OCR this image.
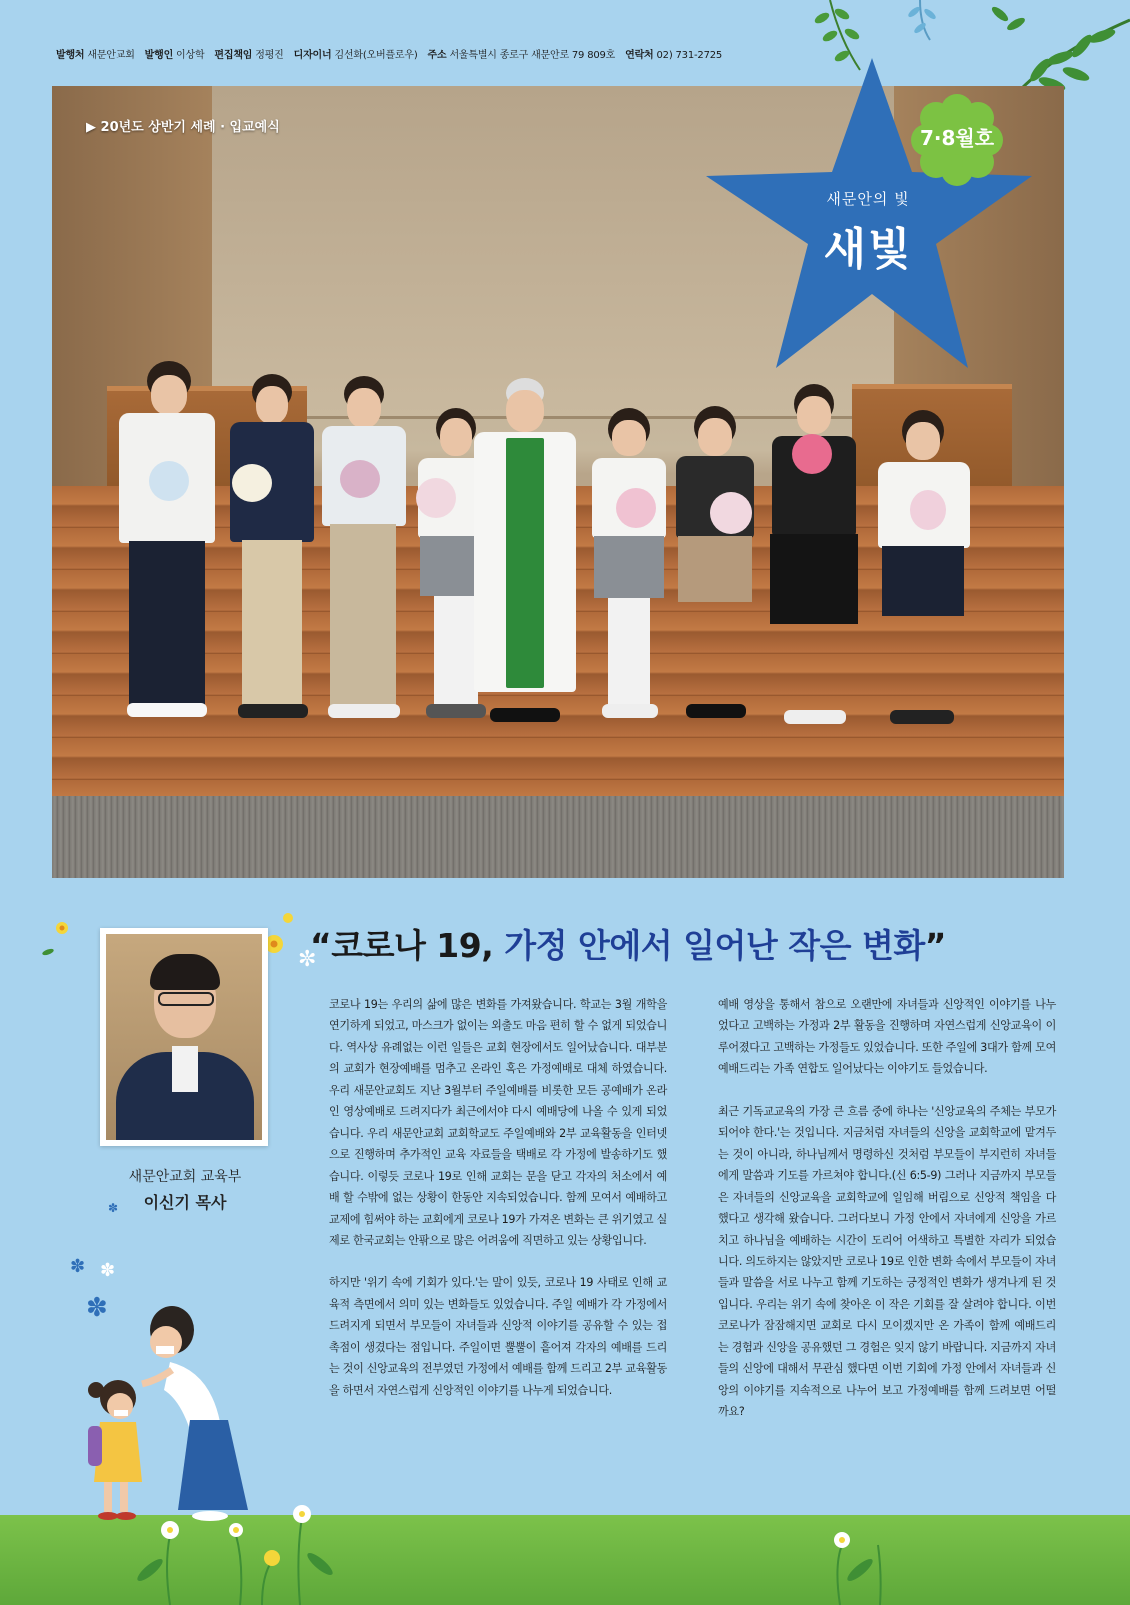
발행처 새문안교회 발행인 이상학 편집책임 정평진 디자이너 김선화(오버플로우) 주소 서울특별시 종로구 새문안로 79 809호 연락처 02) 731-2725
▶ 20년도 상반기 세례 · 입교예식	7·8월호
새문안의 빛
새빛
“코로나 19, 가정 안에서 일어난 작은 변화”
✼
✽
✽ ✽
✽
새문안교회 교육부
이신기 목사

코로나 19는 우리의 삶에 많은 변화를 가져왔습니다. 학교는 3월 개학을 연기하게 되었고, 마스크가 없이는 외출도 마음 편히 할 수 없게 되었습니다. 역사상 유례없는 이런 일들은 교회 현장에서도 일어났습니다. 대부분의 교회가 현장예배를 멈추고 온라인 혹은 가정예배로 대체 하였습니다. 우리 새문안교회도 지난 3월부터 주일예배를 비롯한 모든 공예배가 온라인 영상예배로 드려지다가 최근에서야 다시 예배당에 나올 수 있게 되었습니다. 우리 새문안교회 교회학교도 주일예배와 2부 교육활동을 인터넷으로 진행하며 추가적인 교육 자료들을 택배로 각 가정에 발송하기도 했습니다. 이렇듯 코로나 19로 인해 교회는 문을 닫고 각자의 처소에서 예배 할 수밖에 없는 상황이 한동안 지속되었습니다. 함께 모여서 예배하고 교제에 힘써야 하는 교회에게 코로나 19가 가져온 변화는 큰 위기였고 실제로 한국교회는 안팎으로 많은 어려움에 직면하고 있는 상황입니다.

하지만 '위기 속에 기회가 있다.'는 말이 있듯, 코로나 19 사태로 인해 교육적 측면에서 의미 있는 변화들도 있었습니다. 주일 예배가 각 가정에서 드려지게 되면서 부모들이 자녀들과 신앙적 이야기를 공유할 수 있는 접촉점이 생겼다는 점입니다. 주일이면 뿔뿔이 흩어져 각자의 예배를 드리는 것이 신앙교육의 전부였던 가정에서 예배를 함께 드리고 2부 교육활동을 하면서 자연스럽게 신앙적인 이야기를 나누게 되었습니다.

예배 영상을 통해서 참으로 오랜만에 자녀들과 신앙적인 이야기를 나누었다고 고백하는 가정과 2부 활동을 진행하며 자연스럽게 신앙교육이 이루어졌다고 고백하는 가정들도 있었습니다. 또한 주일에 3대가 함께 모여 예배드리는 가족 연합도 일어났다는 이야기도 들었습니다.

최근 기독교교육의 가장 큰 흐름 중에 하나는 '신앙교육의 주체는 부모가 되어야 한다.'는 것입니다. 지금처럼 자녀들의 신앙을 교회학교에 맡겨두는 것이 아니라, 하나님께서 명령하신 것처럼 부모들이 부지런히 자녀들에게 말씀과 기도를 가르쳐야 합니다.(신 6:5-9) 그러나 지금까지 부모들은 자녀들의 신앙교육을 교회학교에 일임해 버림으로 신앙적 책임을 다했다고 생각해 왔습니다. 그러다보니 가정 안에서 자녀에게 신앙을 가르치고 하나님을 예배하는 시간이 도리어 어색하고 특별한 자리가 되었습니다. 의도하지는 않았지만 코로나 19로 인한 변화 속에서 부모들이 자녀들과 말씀을 서로 나누고 함께 기도하는 긍정적인 변화가 생겨나게 된 것입니다. 우리는 위기 속에 찾아온 이 작은 기회를 잘 살려야 합니다. 이번 코로나가 잠잠해지면 교회로 다시 모이겠지만 온 가족이 함께 예배드리는 경험과 신앙을 공유했던 그 경험은 잊지 않기 바랍니다. 지금까지 자녀들의 신앙에 대해서 무관심 했다면 이번 기회에 가정 안에서 자녀들과 신앙의 이야기를 지속적으로 나누어 보고 가정예배를 함께 드려보면 어떨까요?
